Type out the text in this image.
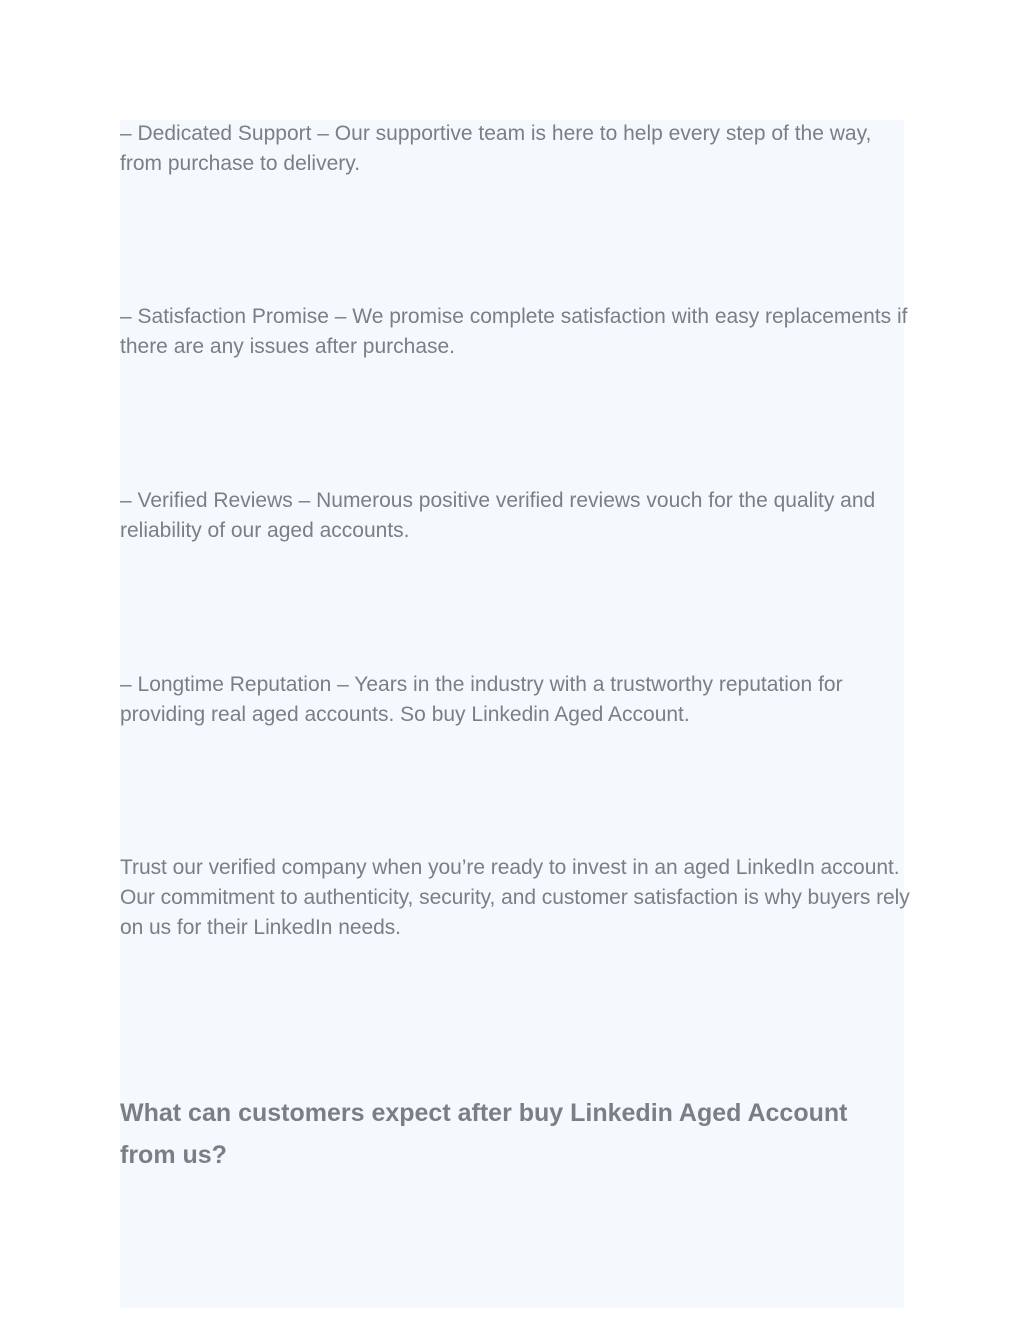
– Dedicated Support – Our supportive team is here to help every step of the way, from purchase to delivery.

– Satisfaction Promise – We promise complete satisfaction with easy replacements if there are any issues after purchase.

– Verified Reviews – Numerous positive verified reviews vouch for the quality and reliability of our aged accounts.

– Longtime Reputation – Years in the industry with a trustworthy reputation for providing real aged accounts. So buy Linkedin Aged Account.

Trust our verified company when you’re ready to invest in an aged LinkedIn account. Our commitment to authenticity, security, and customer satisfaction is why buyers rely on us for their LinkedIn needs.

What can customers expect after buy Linkedin Aged Account from us?
